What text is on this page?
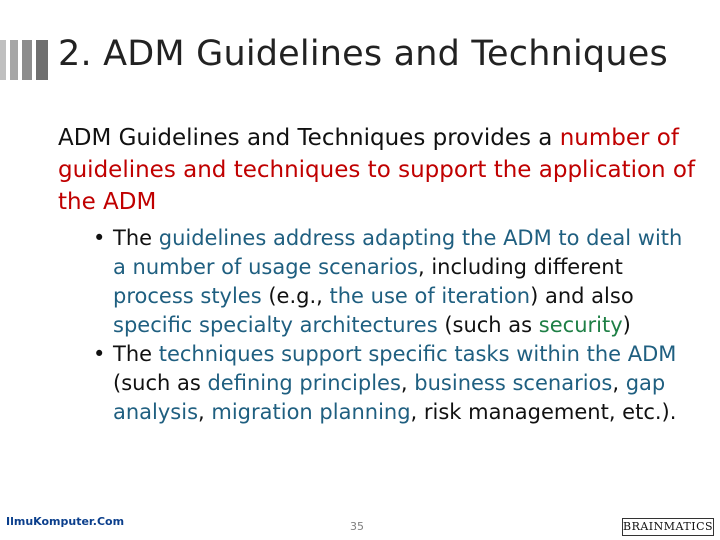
2. ADM Guidelines and Techniques

ADM Guidelines and Techniques provides a number of guidelines and techniques to support the application of the ADM

• The guidelines address adapting the ADM to deal with a number of usage scenarios, including different process styles (e.g., the use of iteration) and also specific specialty architectures (such as security)
• The techniques support specific tasks within the ADM (such as defining principles, business scenarios, gap analysis, migration planning, risk management, etc.).
IlmuKomputer.Com	35	BRAINMATICS
